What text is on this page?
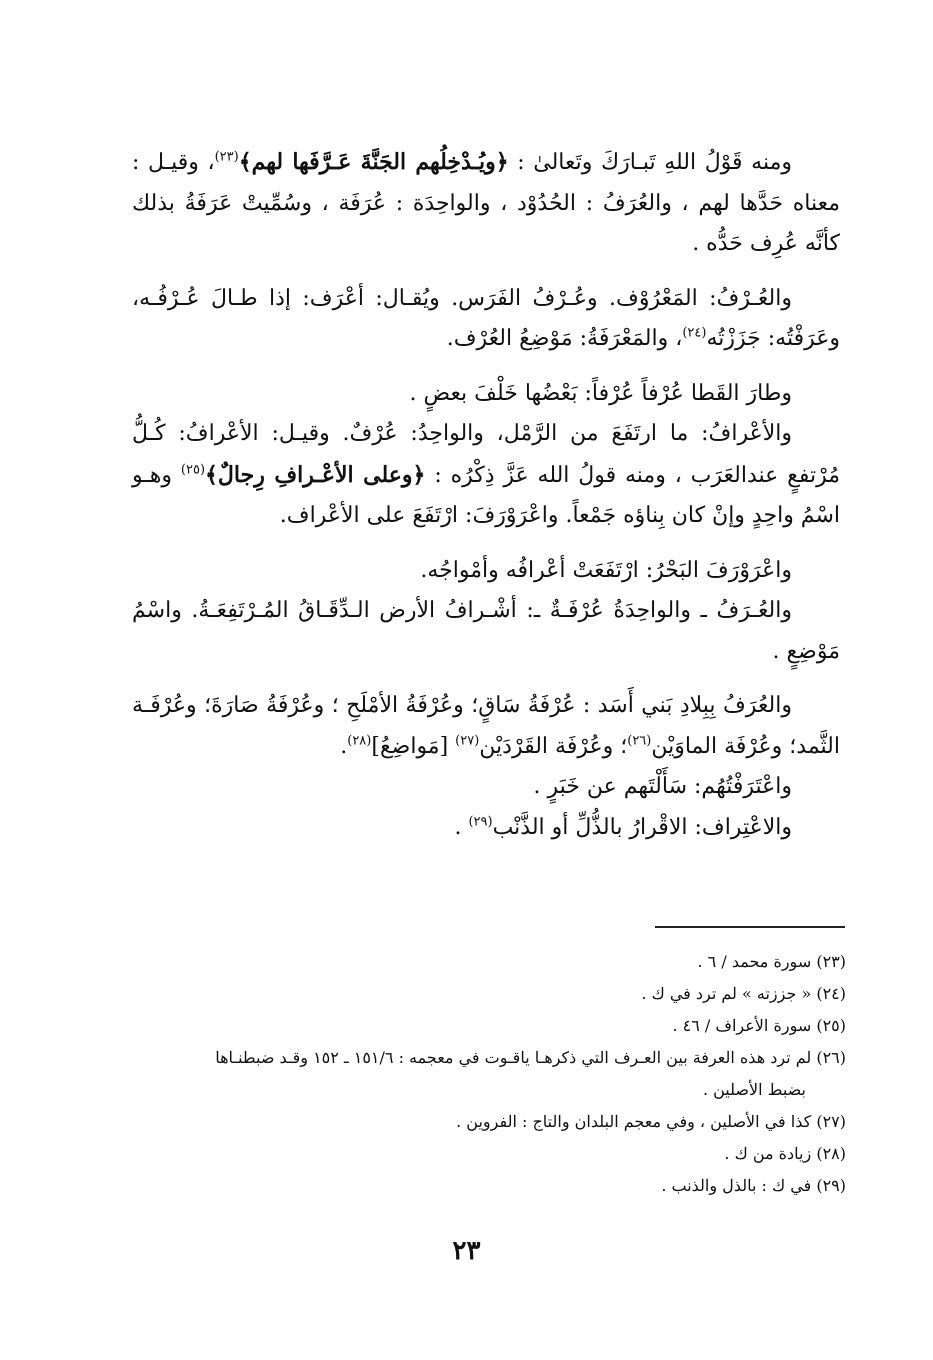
ومنه قَوْلُ اللهِ تَبـارَكَ وتَعالىٰ : ﴿ويُـدْخِلُهم الجَنَّةَ عَـرَّفَها لهم﴾$^{(٢٣)}$، وقيـل : معناه حَدَّها لهم ، والعُرَفُ : الحُدُوْد ، والواحِدَة : عُرَفَة ، وسُمِّيتْ عَرَفَةُ بذلك كأنَّه عُرِف حَدُّه .

والعُـرْفُ: المَعْرُوْف. وعُـرْفُ الفَرَس. ويُقـال: أعْرَف: إذا طـالَ عُـرْفُـه، وعَرَفْتُه: جَزَزْتُه$^{(٢٤)}$، والمَعْرَفَةُ: مَوْضِعُ العُرْف.

وطارَ القَطا عُرْفاً عُرْفاً: بَعْضُها خَلْفَ بعضٍ .

والأعْرافُ: ما ارتَفَعَ من الرَّمْل، والواحِدُ: عُرْفٌ. وقيـل: الأعْرافُ: كُـلُّ مُرْتفعٍ عندالعَرَب ، ومنه قولُ الله عَزَّ ذِكْرُه : ﴿وعلى الأعْـرافِ رِجالٌ﴾$^{(٢٥)}$ وهـو اسْمُ واحِدٍ وإنْ كان بِناؤه جَمْعاً. واعْرَوْرَفَ: ارْتَفَعَ على الأعْراف.

واعْرَوْرَفَ البَحْرُ: ارْتَفَعَتْ أعْرافُه وأمْواجُه.

والعُـرَفُ ـ والواحِدَةُ عُرْفَـةٌ ـ: أشْـرافُ الأرض الـدِّقَـاقُ المُـرْتَفِعَـةُ. واسْمُ مَوْضِعٍ .

والعُرَفُ بِبِلادِ بَني أَسَد : عُرْفَةُ سَاقٍ؛ وعُرْفَةُ الأمْلَحِ ؛ وعُرْفَةُ صَارَةَ؛ وعُرْفَـة الثَّمد؛ وعُرْفَة الماوَيْن$^{(٢٦)}$؛ وعُرْفَة القَرْدَيْن$^{(٢٧)}$ [مَواضِعُ]$^{(٢٨)}$.

واعْتَرَفْتُهُم: سَأَلْتَهم عن خَبَرٍ .

والاعْتِراف: الاقْرارُ بالذُّلِّ أو الذَّنْب$^{(٢٩)}$ .

(٢٣) سورة محمد / ٦ .

(٢٤) « جززته » لم ترد في ك .

(٢٥) سورة الأعراف / ٤٦ .

(٢٦) لم ترد هذه العرفة بين العـرف التي ذكرهـا ياقـوت في معجمه : ١٥١/٦ ـ ١٥٢ وقـد ضبطنـاها

بضبط الأصلين .

(٢٧) كذا في الأصلين ، وفي معجم البلدان والتاج : الفروين .

(٢٨) زيادة من ك .

(٢٩) في ك : بالذل والذنب .

٢٣
